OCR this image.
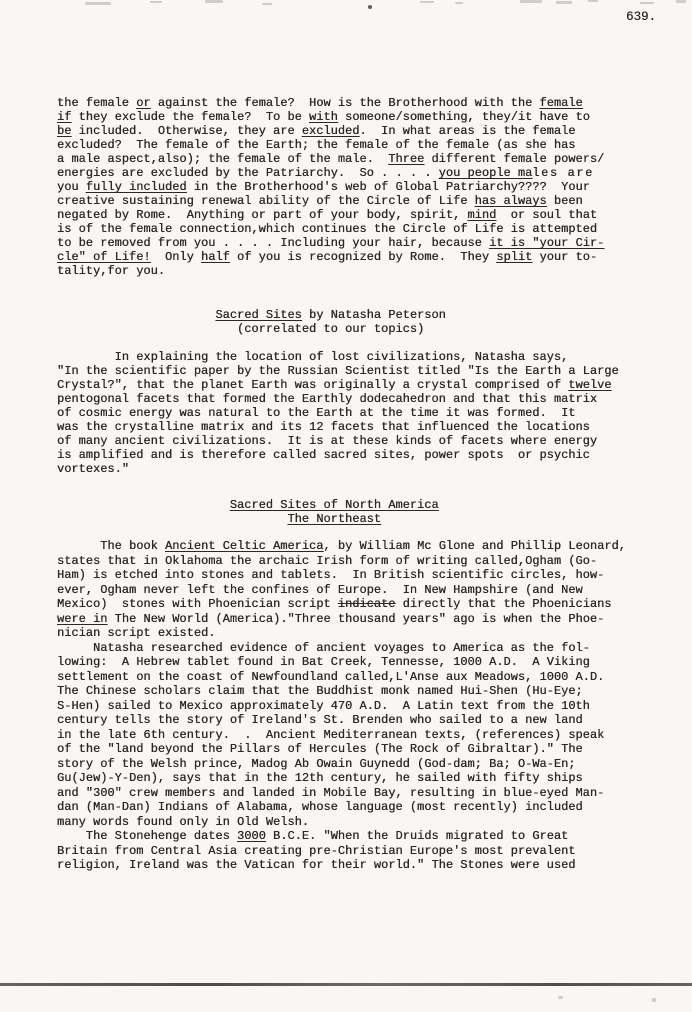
639.
the female or against the female?  How is the Brotherhood with the female
if they exclude the female?  To be with someone/something, they/it have to
be included.  Otherwise, they are excluded.  In what areas is the female
excluded?  The female of the Earth; the female of the female (as she has
a male aspect,also); the female of the male.  Three different female powers/
energies are excluded by the Patriarchy.  So . . . . you people males are
you fully included in the Brotherhood's web of Global Patriarchy????  Your
creative sustaining renewal ability of the Circle of Life has always been
negated by Rome.  Anything or part of your body, spirit, mind  or soul that
is of the female connection,which continues the Circle of Life is attempted
to be removed from you . . . . Including your hair, because it is "your Cir-
cle" of Life!  Only half of you is recognized by Rome.  They split your to-
tality,for you.
Sacred Sites by Natasha Peterson
(correlated to our topics)
In explaining the location of lost civilizations, Natasha says,
"In the scientific paper by the Russian Scientist titled "Is the Earth a Large
Crystal?", that the planet Earth was originally a crystal comprised of twelve
pentogonal facets that formed the Earthly dodecahedron and that this matrix
of cosmic energy was natural to the Earth at the time it was formed.  It
was the crystalline matrix and its 12 facets that influenced the locations
of many ancient civilizations.  It is at these kinds of facets where energy
is amplified and is therefore called sacred sites, power spots  or psychic
vortexes."
Sacred Sites of North America
The Northeast
The book Ancient Celtic America, by William Mc Glone and Phillip Leonard,
states that in Oklahoma the archaic Irish form of writing called,Ogham (Go-
Ham) is etched into stones and tablets.  In British scientific circles, how-
ever, Ogham never left the confines of Europe.  In New Hampshire (and New
Mexico)  stones with Phoenician script indicate directly that the Phoenicians
were in The New World (America)."Three thousand years" ago is when the Phoe-
nician script existed.
Natasha researched evidence of ancient voyages to America as the fol-
lowing:  A Hebrew tablet found in Bat Creek, Tennesse, 1000 A.D.  A Viking
settlement on the coast of Newfoundland called,L'Anse aux Meadows, 1000 A.D.
The Chinese scholars claim that the Buddhist monk named Hui-Shen (Hu-Eye;
S-Hen) sailed to Mexico approximately 470 A.D.  A Latin text from the 10th
century tells the story of Ireland's St. Brenden who sailed to a new land
in the late 6th century.  .  Ancient Mediterranean texts, (references) speak
of the "land beyond the Pillars of Hercules (The Rock of Gibraltar)." The
story of the Welsh prince, Madog Ab Owain Guynedd (God-dam; Ba; O-Wa-En;
Gu(Jew)-Y-Den), says that in the 12th century, he sailed with fifty ships
and "300" crew members and landed in Mobile Bay, resulting in blue-eyed Man-
dan (Man-Dan) Indians of Alabama, whose language (most recently) included
many words found only in Old Welsh.
The Stonehenge dates 3000 B.C.E. "When the Druids migrated to Great
Britain from Central Asia creating pre-Christian Europe's most prevalent
religion, Ireland was the Vatican for their world." The Stones were used
